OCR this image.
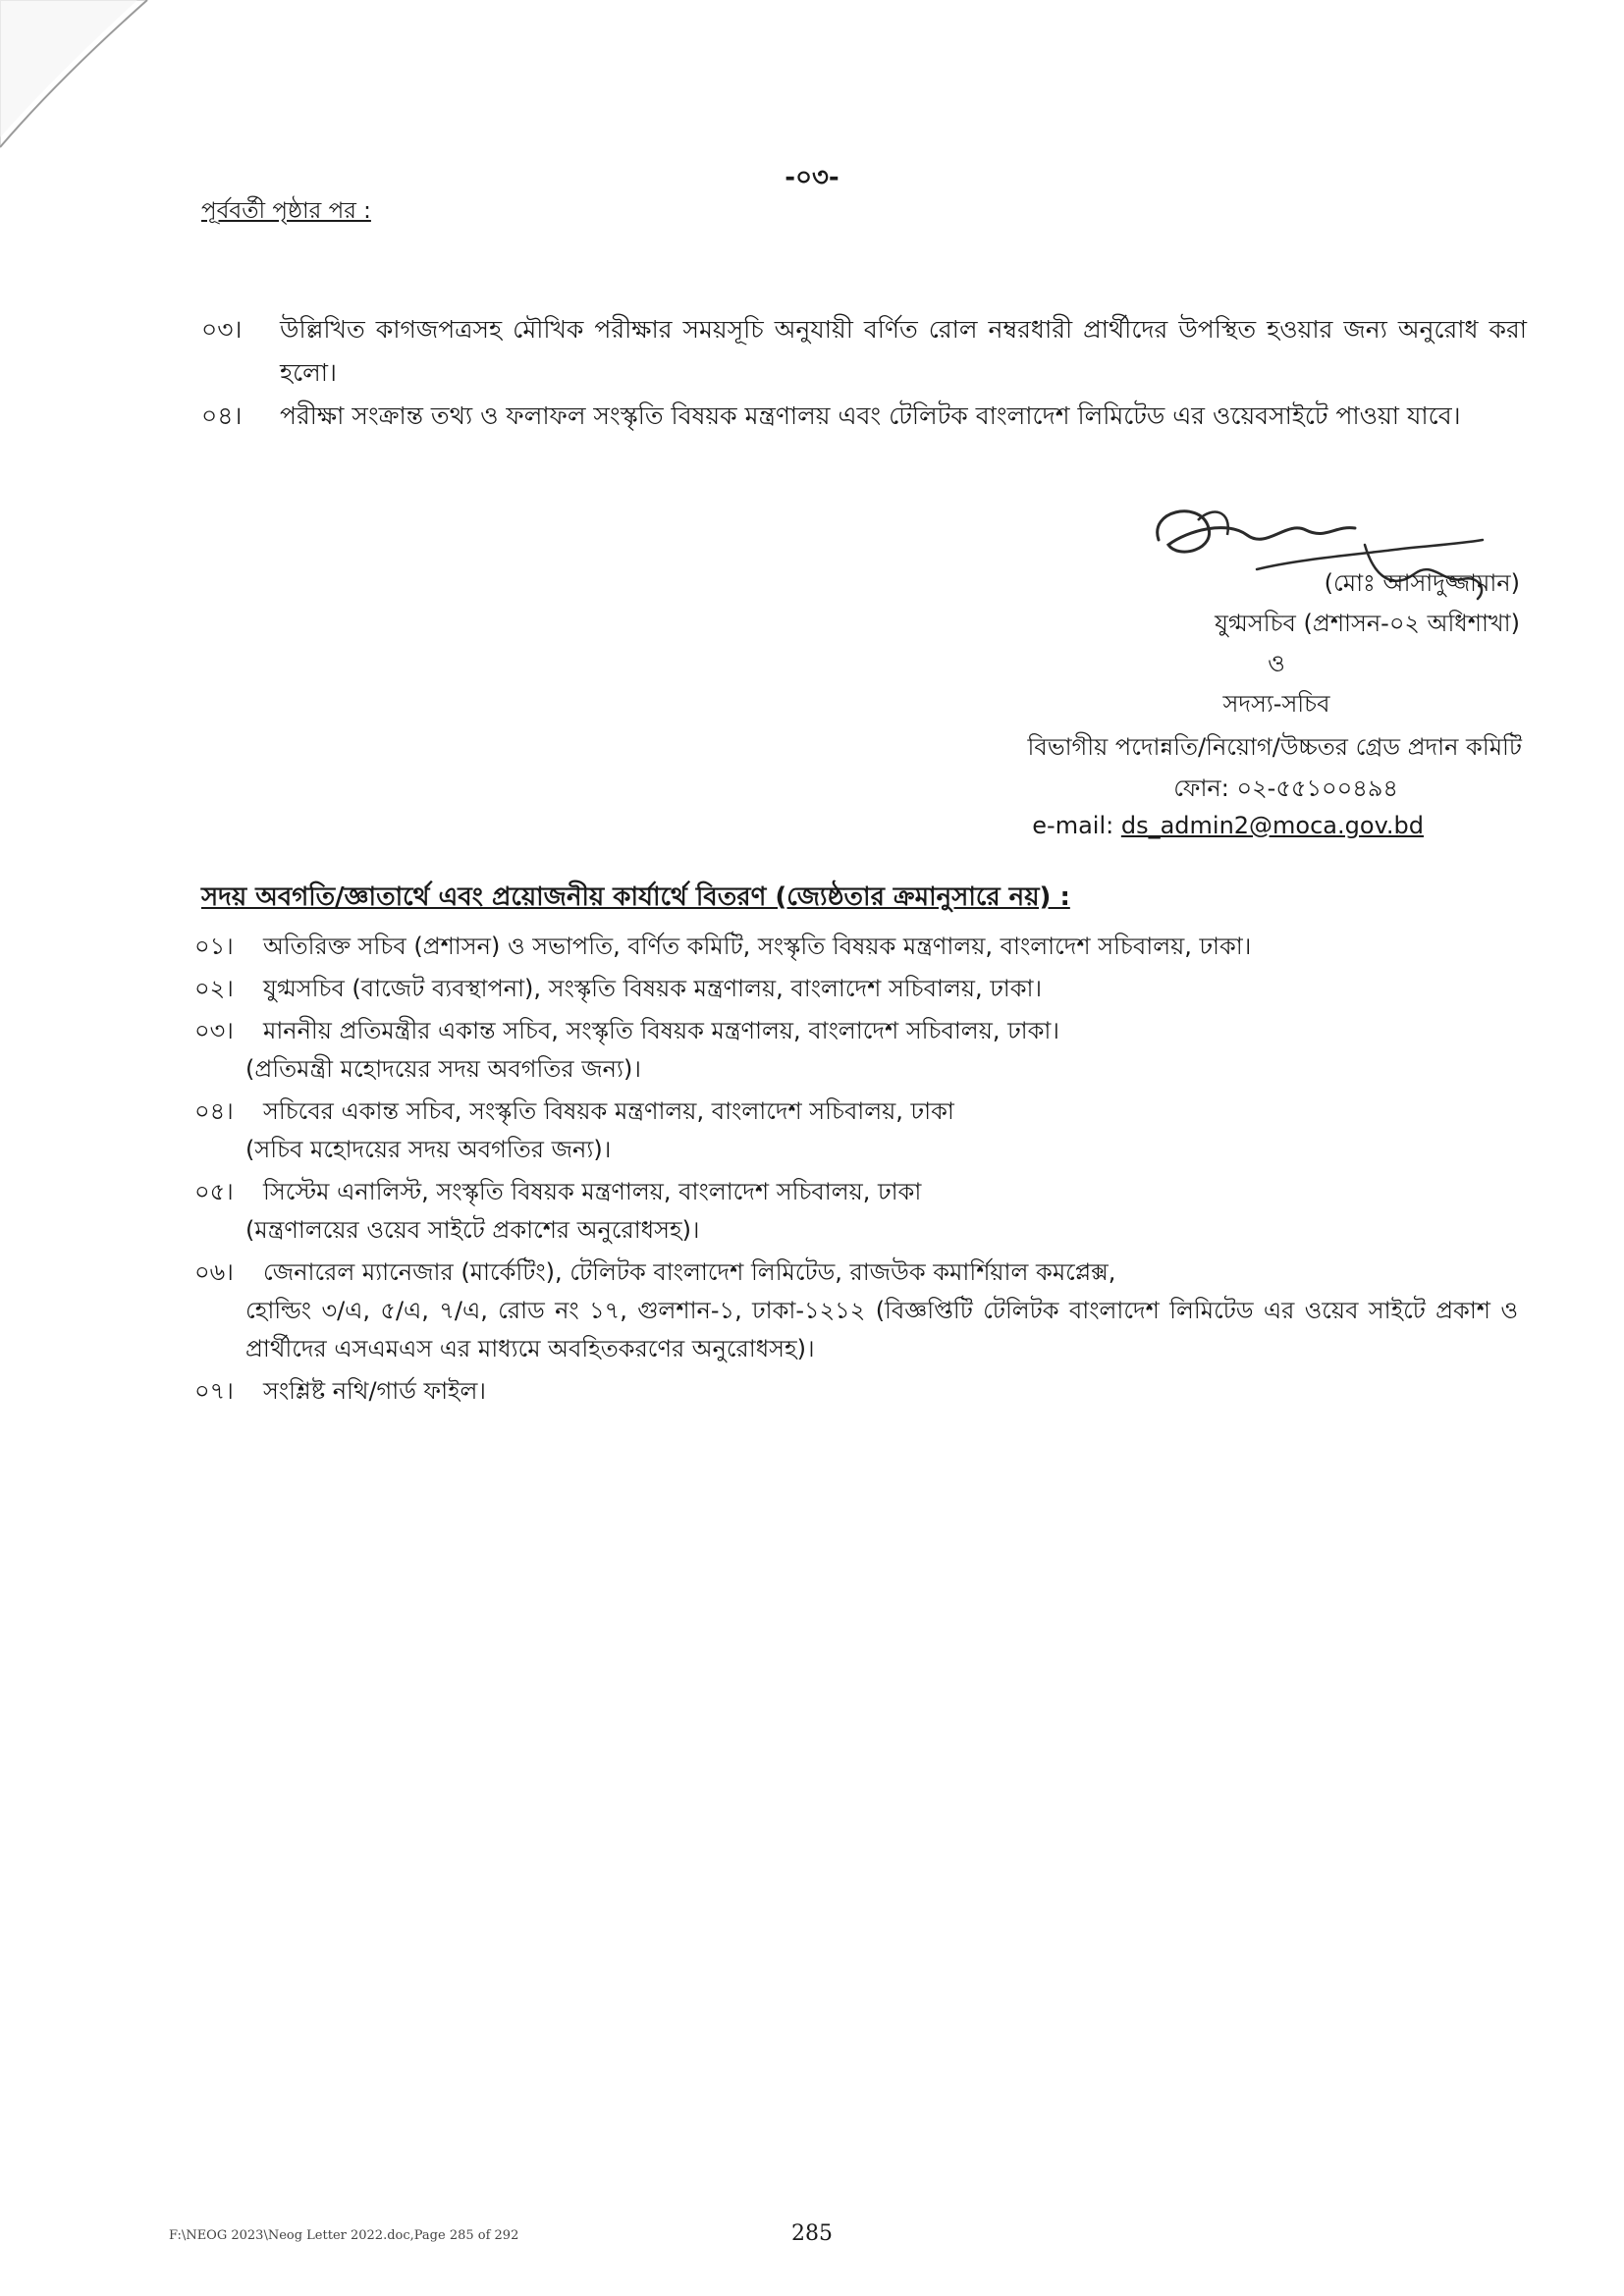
-০৩-
পূর্ববর্তী পৃষ্ঠার পর :
০৩।	উল্লিখিত কাগজপত্রসহ মৌখিক পরীক্ষার সময়সূচি অনুযায়ী বর্ণিত রোল নম্বরধারী প্রার্থীদের উপস্থিত হওয়ার জন্য অনুরোধ করা হলো।
০৪।	পরীক্ষা সংক্রান্ত তথ্য ও ফলাফল সংস্কৃতি বিষয়ক মন্ত্রণালয় এবং টেলিটক বাংলাদেশ লিমিটেড এর ওয়েবসাইটে পাওয়া যাবে।
(মোঃ আসাদুজ্জামান)
যুগ্মসচিব (প্রশাসন-০২ অধিশাখা)
ও
সদস্য-সচিব
বিভাগীয় পদোন্নতি/নিয়োগ/উচ্চতর গ্রেড প্রদান কমিটি
ফোন: ০২-৫৫১০০৪৯৪
e-mail: ds_admin2@moca.gov.bd
সদয় অবগতি/জ্ঞাতার্থে এবং প্রয়োজনীয় কার্যার্থে বিতরণ (জ্যেষ্ঠতার ক্রমানুসারে নয়) :
০১।	অতিরিক্ত সচিব (প্রশাসন) ও সভাপতি, বর্ণিত কমিটি, সংস্কৃতি বিষয়ক মন্ত্রণালয়, বাংলাদেশ সচিবালয়, ঢাকা।
০২।	যুগ্মসচিব (বাজেট ব্যবস্থাপনা), সংস্কৃতি বিষয়ক মন্ত্রণালয়, বাংলাদেশ সচিবালয়, ঢাকা।
০৩।	মাননীয় প্রতিমন্ত্রীর একান্ত সচিব, সংস্কৃতি বিষয়ক মন্ত্রণালয়, বাংলাদেশ সচিবালয়, ঢাকা।
(প্রতিমন্ত্রী মহোদয়ের সদয় অবগতির জন্য)।
০৪।	সচিবের একান্ত সচিব, সংস্কৃতি বিষয়ক মন্ত্রণালয়, বাংলাদেশ সচিবালয়, ঢাকা
(সচিব মহোদয়ের সদয় অবগতির জন্য)।
০৫।	সিস্টেম এনালিস্ট, সংস্কৃতি বিষয়ক মন্ত্রণালয়, বাংলাদেশ সচিবালয়, ঢাকা
(মন্ত্রণালয়ের ওয়েব সাইটে প্রকাশের অনুরোধসহ)।
০৬।	জেনারেল ম্যানেজার (মার্কেটিং), টেলিটক বাংলাদেশ লিমিটেড, রাজউক কমার্শিয়াল কমপ্লেক্স,
হোল্ডিং ৩/এ, ৫/এ, ৭/এ, রোড নং ১৭, গুলশান-১, ঢাকা-১২১২ (বিজ্ঞপ্তিটি টেলিটক বাংলাদেশ লিমিটেড এর ওয়েব সাইটে প্রকাশ ও প্রার্থীদের এসএমএস এর মাধ্যমে অবহিতকরণের অনুরোধসহ)।
০৭।	সংশ্লিষ্ট নথি/গার্ড ফাইল।
F:\NEOG 2023\Neog Letter 2022.doc,Page 285 of 292	285
